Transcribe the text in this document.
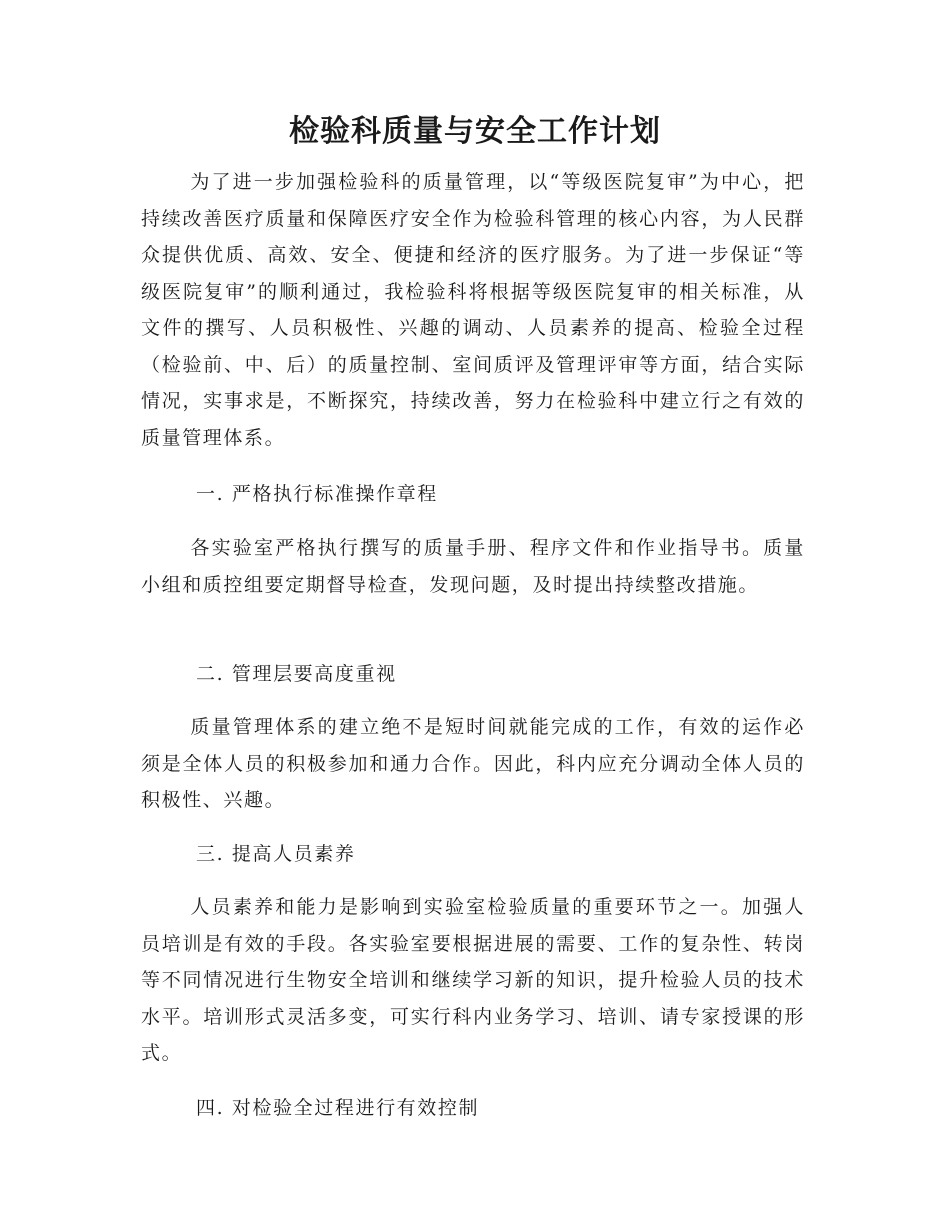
检验科质量与安全工作计划

为了进一步加强检验科的质量管理，以“等级医院复审”为中心，把持续改善医疗质量和保障医疗安全作为检验科管理的核心内容，为人民群众提供优质、高效、安全、便捷和经济的医疗服务。为了进一步保证“等级医院复审”的顺利通过，我检验科将根据等级医院复审的相关标准，从文件的撰写、人员积极性、兴趣的调动、人员素养的提高、检验全过程（检验前、中、后）的质量控制、室间质评及管理评审等方面，结合实际情况，实事求是，不断探究，持续改善，努力在检验科中建立行之有效的质量管理体系。

一. 严格执行标准操作章程

各实验室严格执行撰写的质量手册、程序文件和作业指导书。质量小组和质控组要定期督导检查，发现问题，及时提出持续整改措施。

二. 管理层要高度重视

质量管理体系的建立绝不是短时间就能完成的工作，有效的运作必须是全体人员的积极参加和通力合作。因此，科内应充分调动全体人员的积极性、兴趣。

三. 提高人员素养

人员素养和能力是影响到实验室检验质量的重要环节之一。加强人员培训是有效的手段。各实验室要根据进展的需要、工作的复杂性、转岗等不同情况进行生物安全培训和继续学习新的知识，提升检验人员的技术水平。培训形式灵活多变，可实行科内业务学习、培训、请专家授课的形式。

四. 对检验全过程进行有效控制
